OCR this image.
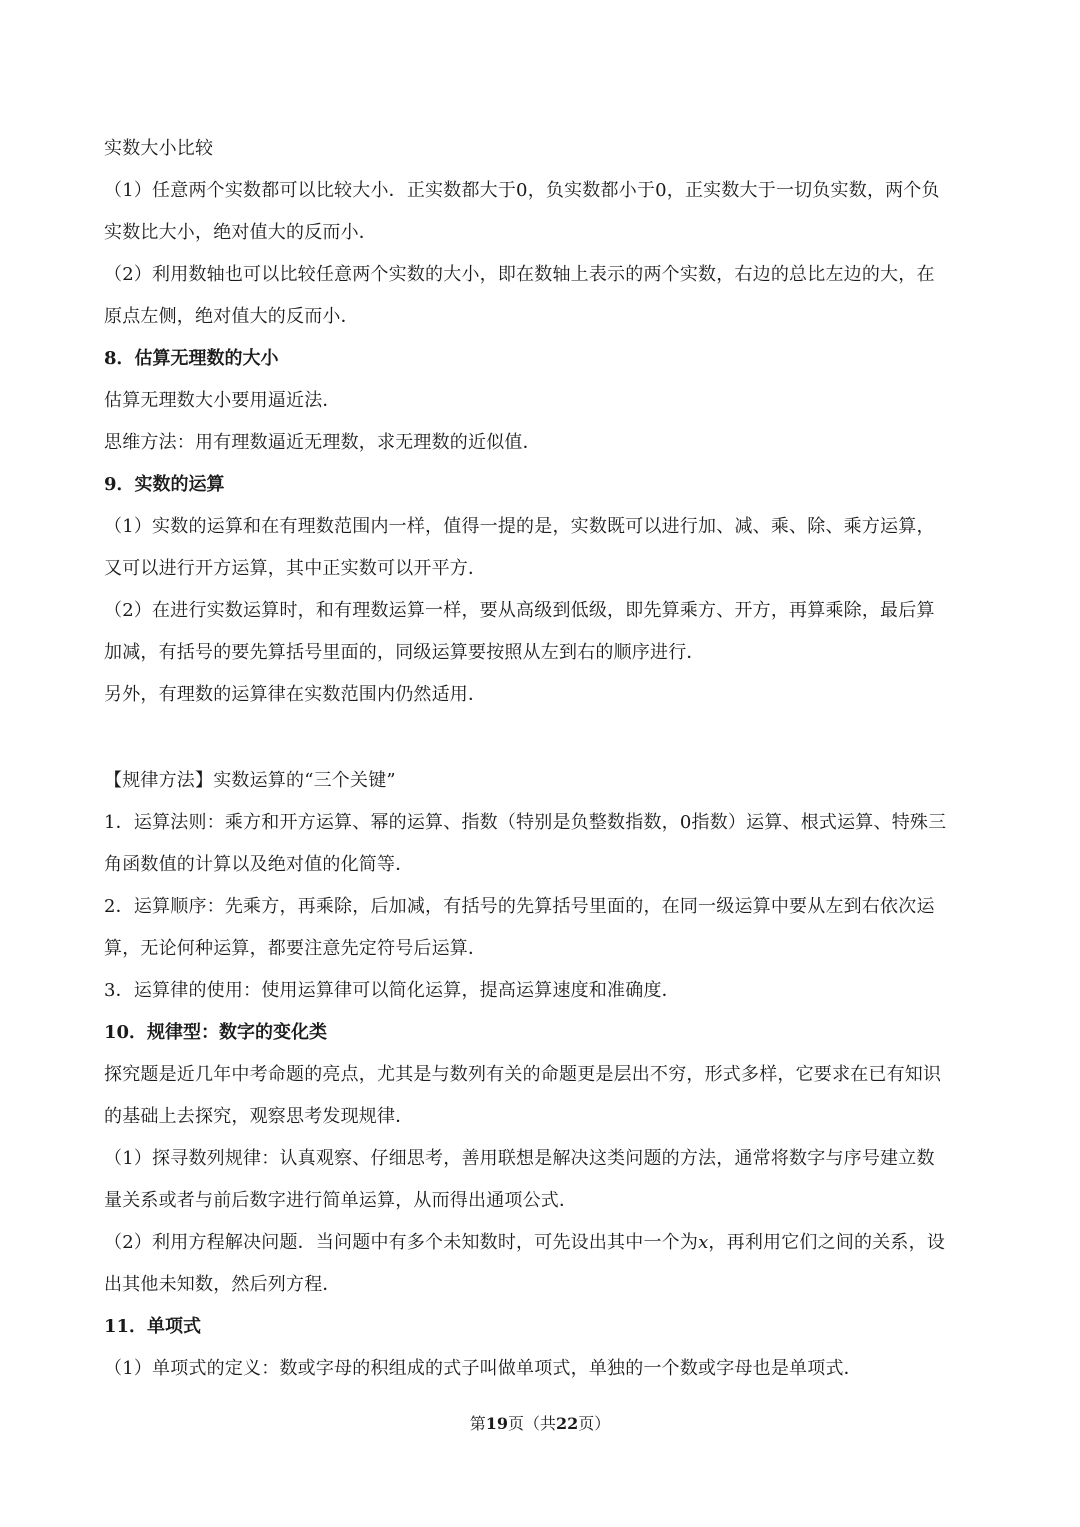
实数大小比较
（1）任意两个实数都可以比较大小．正实数都大于0，负实数都小于0，正实数大于一切负实数，两个负
实数比大小，绝对值大的反而小．
（2）利用数轴也可以比较任意两个实数的大小，即在数轴上表示的两个实数，右边的总比左边的大，在
原点左侧，绝对值大的反而小．
8．估算无理数的大小
估算无理数大小要用逼近法．
思维方法：用有理数逼近无理数，求无理数的近似值．
9．实数的运算
（1）实数的运算和在有理数范围内一样，值得一提的是，实数既可以进行加、减、乘、除、乘方运算，
又可以进行开方运算，其中正实数可以开平方．
（2）在进行实数运算时，和有理数运算一样，要从高级到低级，即先算乘方、开方，再算乘除，最后算
加减，有括号的要先算括号里面的，同级运算要按照从左到右的顺序进行．
另外，有理数的运算律在实数范围内仍然适用．
【规律方法】实数运算的“三个关键”
1．运算法则：乘方和开方运算、幂的运算、指数（特别是负整数指数，0指数）运算、根式运算、特殊三
角函数值的计算以及绝对值的化简等．
2．运算顺序：先乘方，再乘除，后加减，有括号的先算括号里面的，在同一级运算中要从左到右依次运
算，无论何种运算，都要注意先定符号后运算．
3．运算律的使用：使用运算律可以简化运算，提高运算速度和准确度．
10．规律型：数字的变化类
探究题是近几年中考命题的亮点，尤其是与数列有关的命题更是层出不穷，形式多样，它要求在已有知识
的基础上去探究，观察思考发现规律．
（1）探寻数列规律：认真观察、仔细思考，善用联想是解决这类问题的方法，通常将数字与序号建立数
量关系或者与前后数字进行简单运算，从而得出通项公式．
（2）利用方程解决问题．当问题中有多个未知数时，可先设出其中一个为x，再利用它们之间的关系，设
出其他未知数，然后列方程．
11．单项式
（1）单项式的定义：数或字母的积组成的式子叫做单项式，单独的一个数或字母也是单项式．
第19页（共22页）
